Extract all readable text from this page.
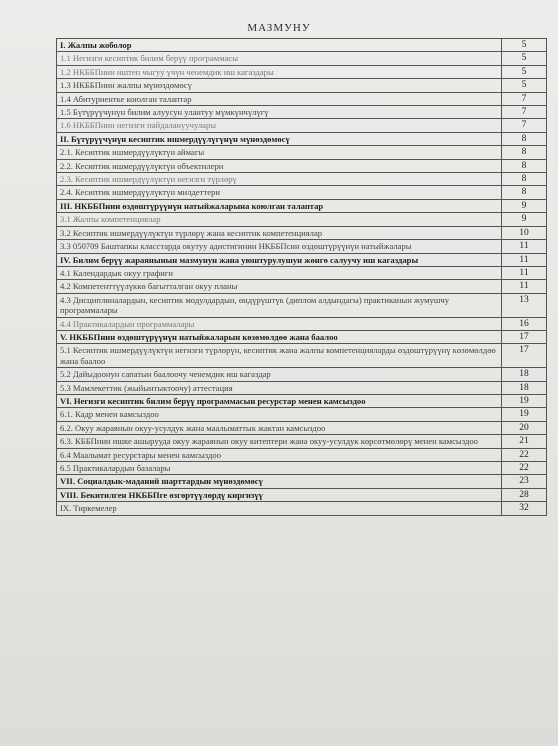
МАЗМУНУ
I. Жалпы жоболор	5
1.1 Негизги кесиптик билим берүү программасы	5
1.2 НКББПнин иштеп чыгуу үчүн ченемдик иш кагаздары	5
1.3 НКББПнин жалпы мүнөздөмөсү	5
1.4 Абитуриентке коюлган талаптар	7
1.5 Бүтүрүүчүнүн билим алуусун улантуу мүмкүнчүлүгү	7
1.6 НКББПнин негизги пайдалануучулары	7
II. Бүтүрүүчүнүн кесиптик ишмердүүлүгүнүн мүнөздөмөсү	8
2.1. Кесиптик ишмердүүлүктүн аймагы	8
2.2. Кесиптик ишмердүүлүктүн объектилери	8
2.3. Кесиптик ишмердүүлүктүн негизги түрлөрү	8
2.4. Кесиптик ишмердүүлүктүн милдеттери	8
III. НКББПнин өздөштүрүүнүн натыйжаларына коюлган талаптар	9
3.1 Жалпы компетенциялар	9
3.2 Кесиптик ишмердүүлүктүн түрлөрү жана кесиптик компетенциялар	10
3.3 050709 Баштапкы класстарда окутуу адистигинин НКББПсин өздөштүрүүнүн натыйжалары	11
IV. Билим берүү жараянынын мазмунун жана уюштурулушун жөнгө салуучу иш кагаздары	11
4.1 Календардык окуу графиги	11
4.2 Компетенттүүлүккө багытталган окуу планы	11
4.3 Дисциплиналардын, кесиптик модулдардын, өндүрүштүк (диплом алдындагы) практиканын жумушчу программалары	13
4.4 Практикалардын программалары	16
V. НКББПнин өздөштүрүүнүн натыйжаларын көзөмөлдөө жана баалоо	17
5.1 Кесиптик ишмердүүлүктүн негизги түрлөрүн, кесиптик жана жалпы компетенцияларды өздөштүрүүнү көзөмөлдөө жана баалоо	17
5.2 Дайыдоонун сапатын баалоочу ченемдик иш кагаздар	18
5.3 Мамлекеттик (жыйынтыктоочу) аттестация	18
VI. Негизги кесиптик билим берүү программасын ресурстар менен камсыздоо	19
6.1. Кадр менен камсыздоо	19
6.2. Окуу жараянын окуу-усулдук жана маалыматтык жактан камсыздоо	20
6.3. КББПнин ишке ашырууда окуу жараянын окуу китептери жана окуу-усулдук көрсөтмөлөрү менен камсыздоо	21
6.4 Маалымат ресурстары менен камсыздоо	22
6.5 Практикалардын базалары	22
VII. Социалдык-маданий шарттардын мүнөздөмөсү	23
VIII. Бекитилген НКББПге өзгөртүүлөрдү киргизүү	28
IX. Тиркемелер	32
